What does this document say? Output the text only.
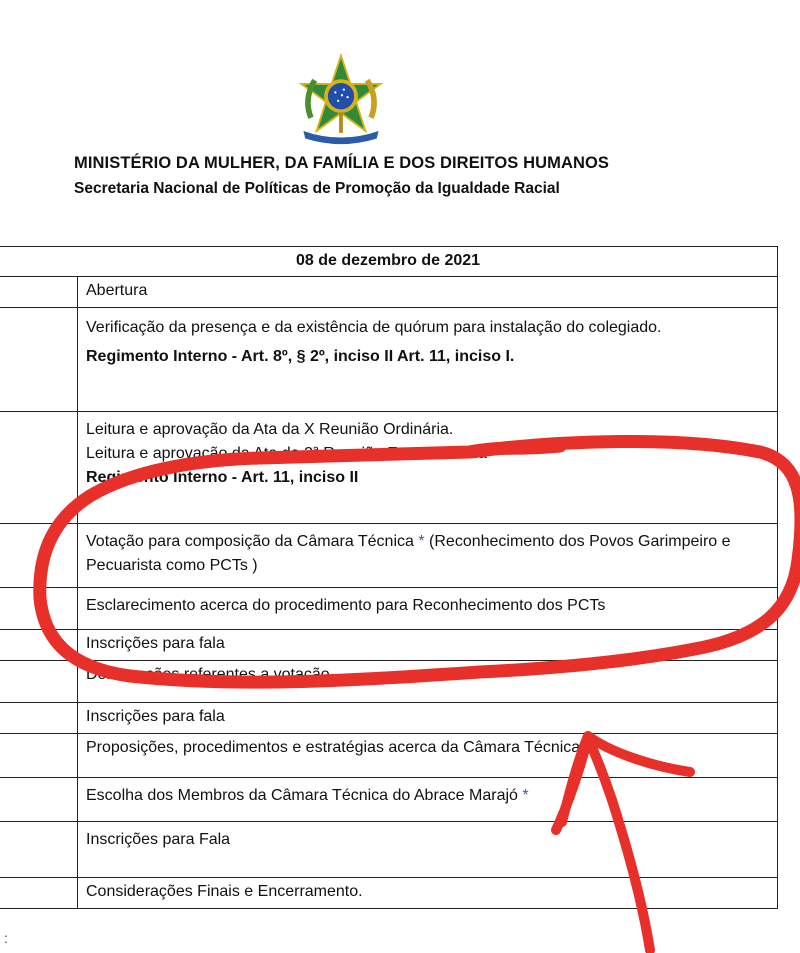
MINISTÉRIO DA MULHER, DA FAMÍLIA E DOS DIREITOS HUMANOS
Secretaria Nacional de Políticas de Promoção da Igualdade Racial
08 de dezembro de 2021	
	Abertura

	Verificação da presença e da existência de quórum para instalação do colegiado.
Regimento Interno - Art. 8º, § 2º, inciso II Art. 11, inciso I.

	Leitura e aprovação da Ata da X Reunião Ordinária.
Leitura e aprovação da Ata da 2ª Reunião Extraordinária
Regimento Interno - Art. 11, inciso II

	Votação para composição da Câmara Técnica * (Reconhecimento dos Povos Garimpeiro e Pecuarista como PCTs )
	Esclarecimento acerca do procedimento para Reconhecimento dos PCTs
	Inscrições para fala
	Deliberações referentes a votação.
	Inscrições para fala
	Proposições, procedimentos e estratégias acerca da Câmara Técnica
	Escolha dos Membros da Câmara Técnica do Abrace Marajó *
	Inscrições para Fala
	Considerações Finais e Encerramento.
:
